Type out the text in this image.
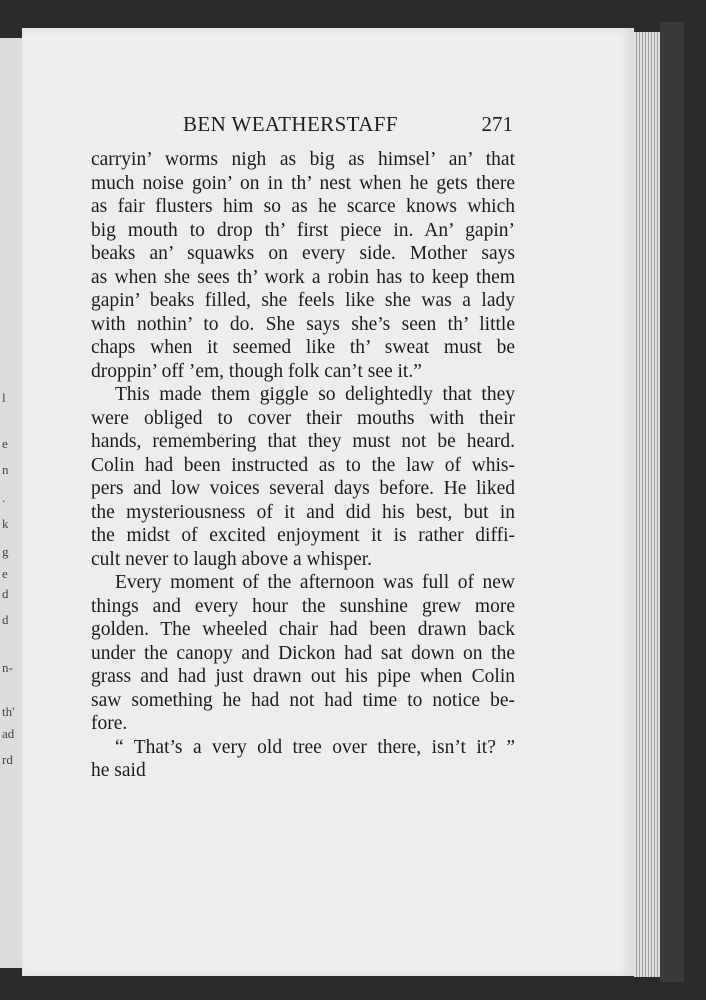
l
e
n
.
k
g
e
d
d
n-
th'
ad
rd
BEN WEATHERSTAFF	271
carryin’ worms nigh as big as himsel’ an’ that
much noise goin’ on in th’ nest when he gets there
as fair flusters him so as he scarce knows which
big mouth to drop th’ first piece in. An’ gapin’
beaks an’ squawks on every side. Mother says
as when she sees th’ work a robin has to keep them
gapin’ beaks filled, she feels like she was a lady
with nothin’ to do. She says she’s seen th’ little
chaps when it seemed like th’ sweat must be
droppin’ off ’em, though folk can’t see it.”
This made them giggle so delightedly that they
were obliged to cover their mouths with their
hands, remembering that they must not be heard.
Colin had been instructed as to the law of whis-
pers and low voices several days before. He liked
the mysteriousness of it and did his best, but in
the midst of excited enjoyment it is rather diffi-
cult never to laugh above a whisper.
Every moment of the afternoon was full of new
things and every hour the sunshine grew more
golden. The wheeled chair had been drawn back
under the canopy and Dickon had sat down on the
grass and had just drawn out his pipe when Colin
saw something he had not had time to notice be-
fore.
“ That’s a very old tree over there, isn’t it? ”
he said
